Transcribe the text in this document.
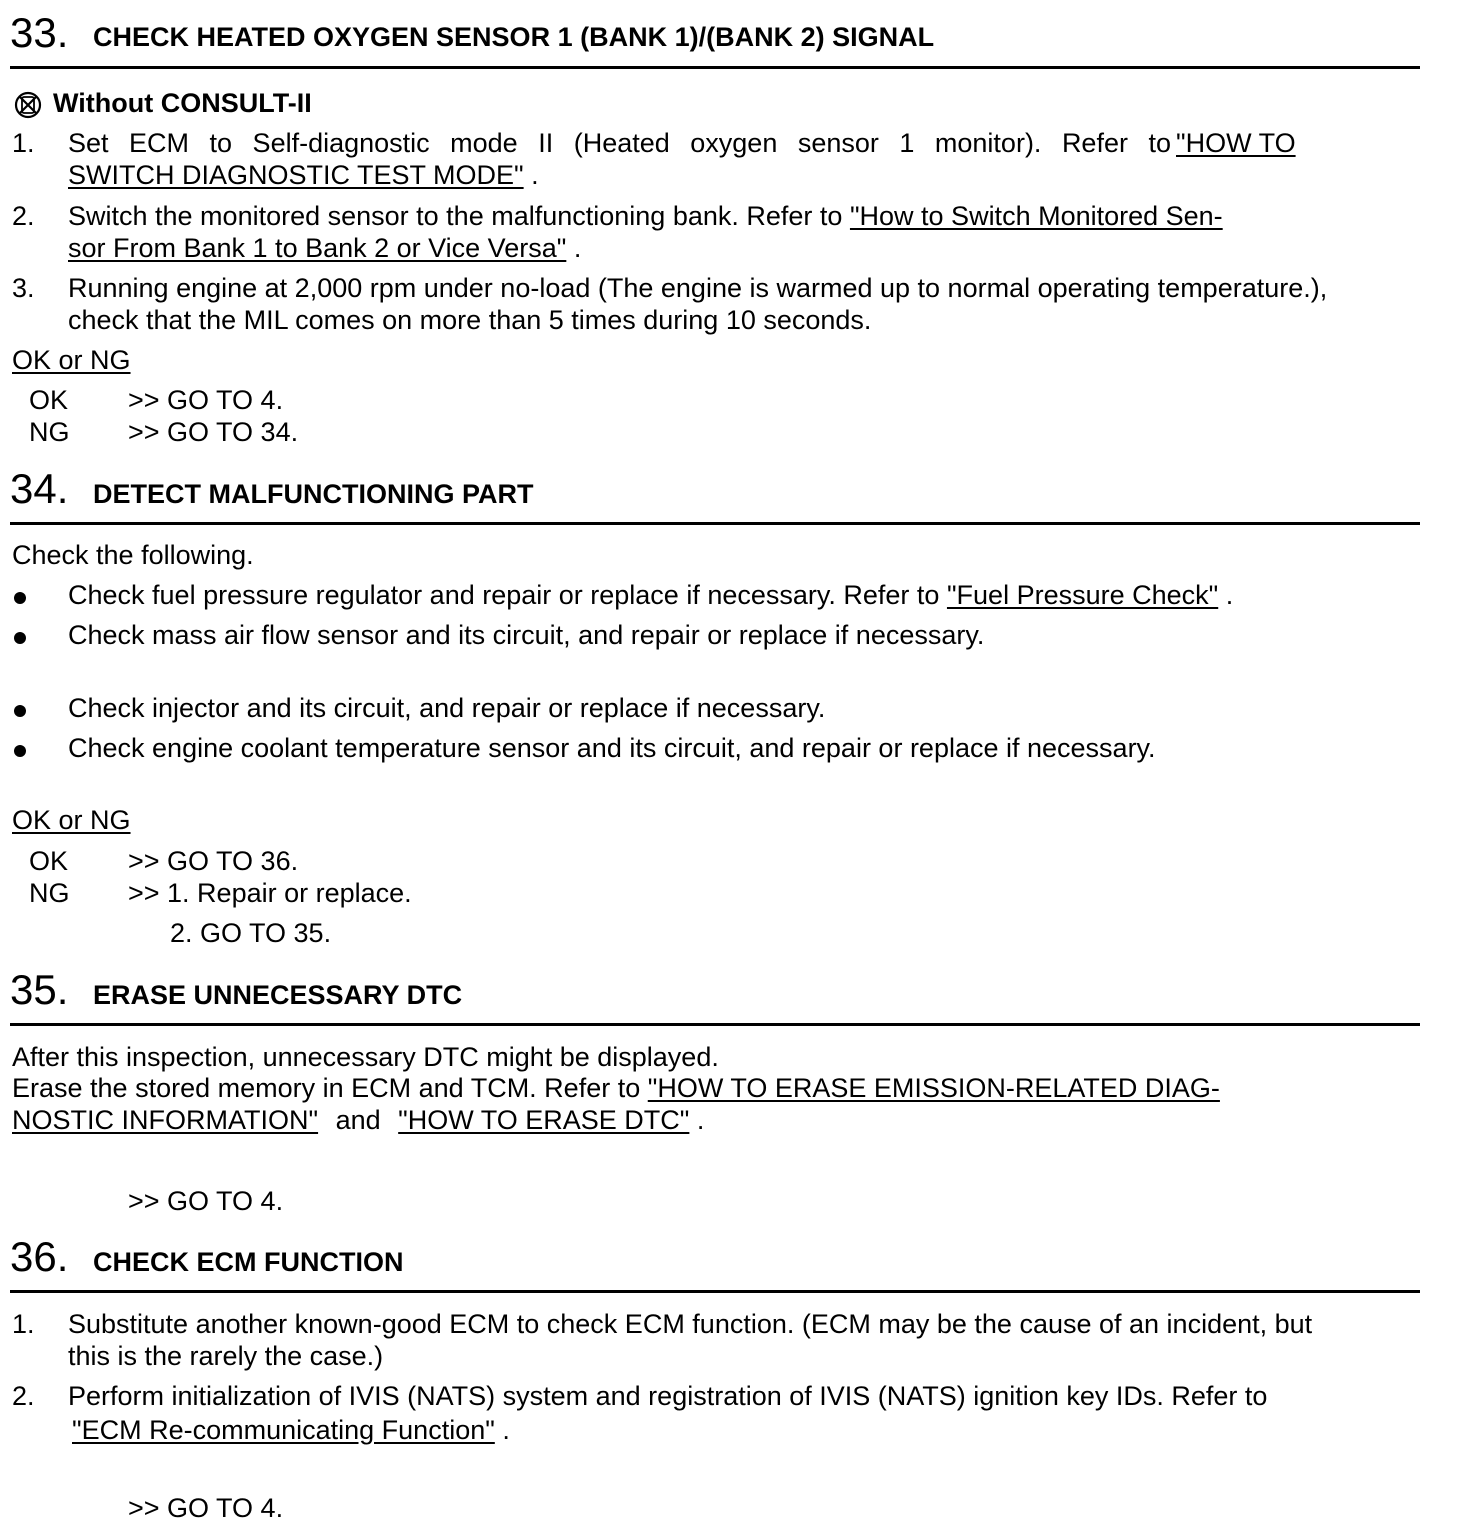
33. CHECK HEATED OXYGEN SENSOR 1 (BANK 1)/(BANK 2) SIGNAL
Without CONSULT-II
1. Set ECM to Self-diagnostic mode II (Heated oxygen sensor 1 monitor). Refer to "HOW TO
SWITCH DIAGNOSTIC TEST MODE" .
2. Switch the monitored sensor to the malfunctioning bank. Refer to "How to Switch Monitored Sen-
sor From Bank 1 to Bank 2 or Vice Versa" .
3. Running engine at 2,000 rpm under no-load (The engine is warmed up to normal operating temperature.),
check that the MIL comes on more than 5 times during 10 seconds.
OK or NG
OK >> GO TO 4.
NG >> GO TO 34.
34. DETECT MALFUNCTIONING PART
Check the following.
Check fuel pressure regulator and repair or replace if necessary. Refer to "Fuel Pressure Check" .
Check mass air flow sensor and its circuit, and repair or replace if necessary.
Check injector and its circuit, and repair or replace if necessary.
Check engine coolant temperature sensor and its circuit, and repair or replace if necessary.
OK or NG
OK >> GO TO 36.
NG >> 1. Repair or replace.
2. GO TO 35.
35. ERASE UNNECESSARY DTC
After this inspection, unnecessary DTC might be displayed.
Erase the stored memory in ECM and TCM. Refer to "HOW TO ERASE EMISSION-RELATED DIAG-
NOSTIC INFORMATION" and "HOW TO ERASE DTC" .
>> GO TO 4.
36. CHECK ECM FUNCTION
1. Substitute another known-good ECM to check ECM function. (ECM may be the cause of an incident, but
this is the rarely the case.)
2. Perform initialization of IVIS (NATS) system and registration of IVIS (NATS) ignition key IDs. Refer to
"ECM Re-communicating Function" .
>> GO TO 4.
